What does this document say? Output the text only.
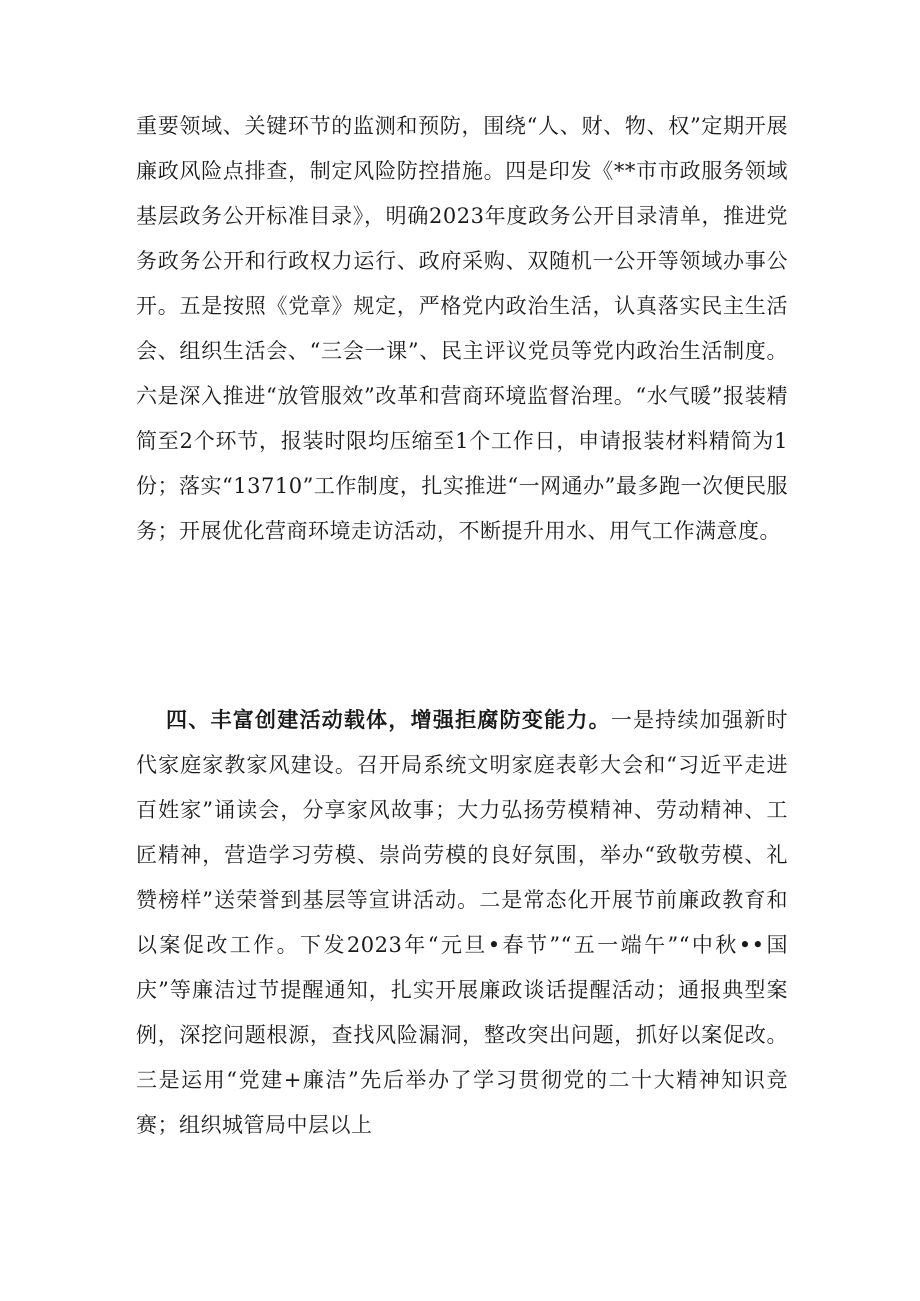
重要领域、关键环节的监测和预防，围绕“人、财、物、权”定期开展廉政风险点排查，制定风险防控措施。四是印发《**市市政服务领域基层政务公开标准目录》，明确2023年度政务公开目录清单，推进党务政务公开和行政权力运行、政府采购、双随机一公开等领域办事公开。五是按照《党章》规定，严格党内政治生活，认真落实民主生活会、组织生活会、“三会一课”、民主评议党员等党内政治生活制度。六是深入推进“放管服效”改革和营商环境监督治理。“水气暖”报装精简至2个环节，报装时限均压缩至1个工作日，申请报装材料精简为1份；落实“13710”工作制度，扎实推进“一网通办”最多跑一次便民服务；开展优化营商环境走访活动，不断提升用水、用气工作满意度。

四、丰富创建活动载体，增强拒腐防变能力。一是持续加强新时代家庭家教家风建设。召开局系统文明家庭表彰大会和“习近平走进百姓家”诵读会，分享家风故事；大力弘扬劳模精神、劳动精神、工匠精神，营造学习劳模、崇尚劳模的良好氛围，举办“致敬劳模、礼赞榜样”送荣誉到基层等宣讲活动。二是常态化开展节前廉政教育和以案促改工作。下发2023年“元旦•春节”“五一端午”“中秋••国庆”等廉洁过节提醒通知，扎实开展廉政谈话提醒活动；通报典型案例，深挖问题根源，查找风险漏洞，整改突出问题，抓好以案促改。三是运用“党建+廉洁”先后举办了学习贯彻党的二十大精神知识竞赛；组织城管局中层以上
